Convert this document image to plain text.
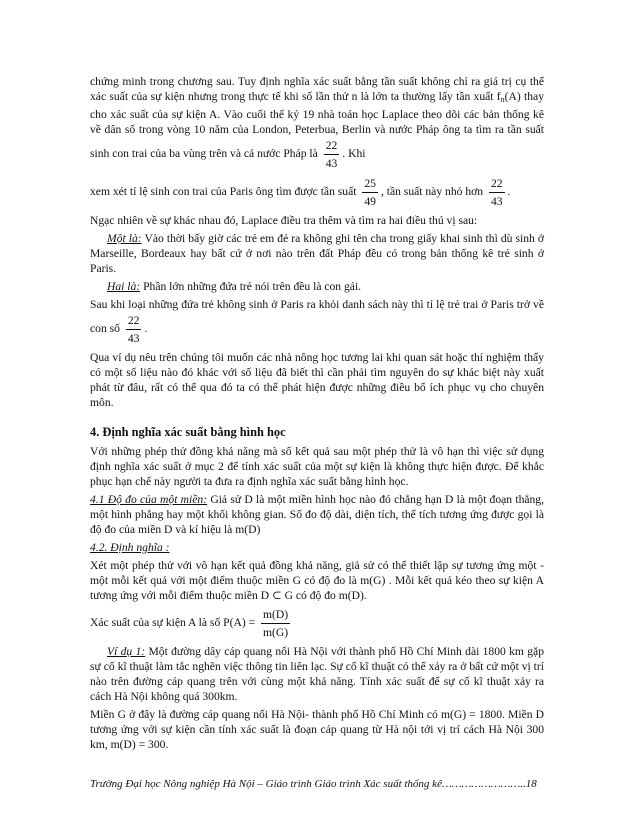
chứng minh trong chương sau. Tuy định nghĩa xác suất bằng tần suất không chỉ ra giá trị cụ thể xác suất của sự kiện nhưng trong thực tế khi số lần thử n là lớn ta thường lấy tần xuất $f_n(A)$ thay cho xác suất của sự kiện A. Vào cuối thế kỷ 19 nhà toán học Laplace theo dõi các bản thống kê về dân số trong vòng 10 năm của London, Peterbua, Berlin và nước Pháp ông ta tìm ra tần suất sinh con trai của ba vùng trên và cả nước Pháp là $\frac{22}{43}$ . Khi

xem xét tỉ lệ sinh con trai của Paris ông tìm được tần suất $\frac{25}{49}$ , tần suất này nhỏ hơn $\frac{22}{43}$ .

Ngạc nhiên về sự khác nhau đó, Laplace điều tra thêm và tìm ra hai điều thú vị sau:

Một là: Vào thời bấy giờ các trẻ em đẻ ra không ghi tên cha trong giấy khai sinh thì dù sinh ở Marseille, Bordeaux hay bất cứ ở nơi nào trên đất Pháp đều có trong bản thống kê trẻ sinh ở Paris.

Hai là: Phần lớn những đứa trẻ nói trên đều là con gái.

Sau khi loại những đứa trẻ không sinh ở Paris ra khỏi danh sách này thì tỉ lệ trẻ trai ở Paris trở về con số $\frac{22}{43}$ .

Qua ví dụ nêu trên chúng tôi muốn các nhà nông học tương lai khi quan sát hoặc thí nghiệm thấy có một số liệu nào đó khác với số liệu đã biết thì cần phải tìm nguyên do sự khác biệt này xuất phát từ đâu, rất có thể qua đó ta có thể phát hiện được những điều bổ ích phục vụ cho chuyên môn.

4. Định nghĩa xác suất bằng hình học

Với những phép thử đồng khả năng mà số kết quả sau một phép thử là vô hạn thì việc sử dụng định nghĩa xác suất ở mục 2 để tính xác suất của một sự kiện là không thực hiện được. Để khắc phục hạn chế này người ta đưa ra định nghĩa xác suất bằng hình học.

4.1 Độ đo của một miền: Giả sử D là một miền hình học nào đó chẳng hạn D là một đoạn thẳng, một hình phẳng hay một khối không gian. Số đo độ dài, diện tích, thể tích tương ứng được gọi là độ đo của miền D và kí hiệu là m(D)

4.2. Định nghĩa :

Xét một phép thử với vô hạn kết quả đồng khả năng, giả sử có thể thiết lập sự tương ứng một - một mỗi kết quả với một điểm thuộc miền G có độ đo là m(G) . Mỗi kết quả kéo theo sự kiện A tương ứng với mỗi điểm thuộc miền D ⊂ G có độ đo m(D).

Xác suất của sự kiện A là số $P(A) = \frac{m(D)}{m(G)}$

Ví dụ 1: Một đường dây cáp quang nối Hà Nội với thành phố Hồ Chí Minh dài 1800 km gặp sự cố kĩ thuật làm tắc nghẽn việc thông tin liên lạc. Sự cố kĩ thuật có thể xảy ra ở bất cứ một vị trí nào trên đường cáp quang trên với cùng một khả năng. Tính xác suất để sự cố kĩ thuật xảy ra cách Hà Nội không quá 300km.

Miền G ở đây là đường cáp quang nối Hà Nội- thành phố Hồ Chí Minh có m(G) = 1800. Miền D tương ứng với sự kiện cần tính xác suất là đoạn cáp quang từ Hà nội tới vị trí cách Hà Nội 300 km, m(D) = 300.

Trường Đại học Nông nghiệp Hà Nội – Giáo trình Giáo trình Xác suất thống kê……………………..18
